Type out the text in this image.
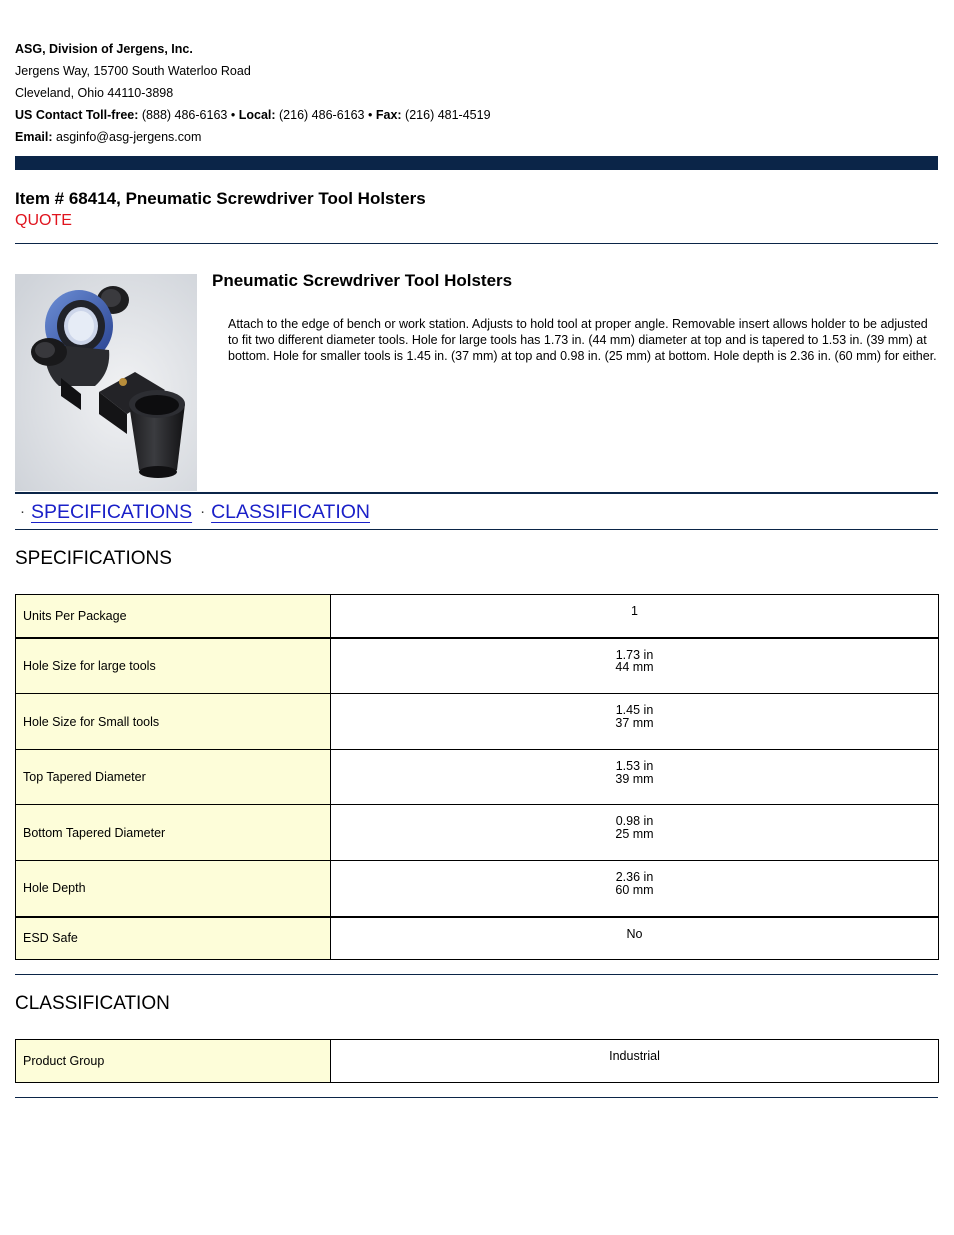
ASG, Division of Jergens, Inc.
Jergens Way, 15700 South Waterloo Road
Cleveland, Ohio 44110-3898
US Contact Toll-free: (888) 486-6163 • Local: (216) 486-6163 • Fax: (216) 481-4519
Email: asginfo@asg-jergens.com
Item # 68414, Pneumatic Screwdriver Tool Holsters
QUOTE
Pneumatic Screwdriver Tool Holsters

Attach to the edge of bench or work station. Adjusts to hold tool at proper angle. Removable insert allows holder to be adjusted to fit two different diameter tools. Hole for large tools has 1.73 in. (44 mm) diameter at top and is tapered to 1.53 in. (39 mm) at bottom. Hole for smaller tools is 1.45 in. (37 mm) at top and 0.98 in. (25 mm) at bottom. Hole depth is 2.36 in. (60 mm) for either.

· SPECIFICATIONS · CLASSIFICATION
SPECIFICATIONS
Units Per Package	1

Hole Size for large tools	1.73 in
44 mm

Hole Size for Small tools	1.45 in
37 mm

Top Tapered Diameter	1.53 in
39 mm

Bottom Tapered Diameter	0.98 in
25 mm

Hole Depth	2.36 in
60 mm

ESD Safe	No
CLASSIFICATION
Product Group	Industrial
